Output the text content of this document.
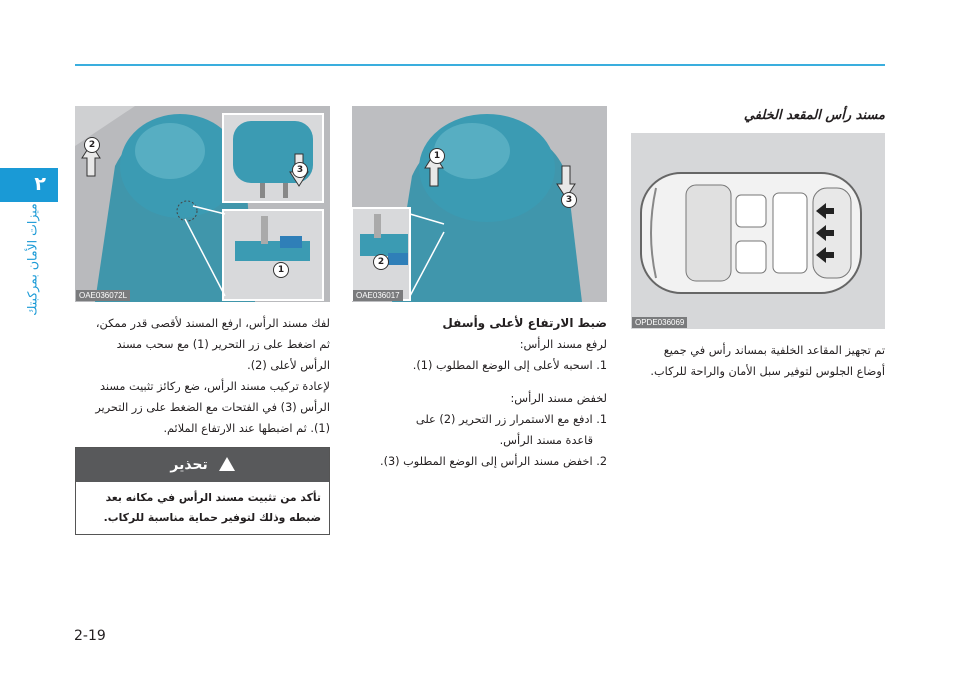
٢
ميزات الأمان بمركبتك
مسند رأس المقعد الخلفي
2
3
1
OAE036072L
1
3
2
OAE036017
OPDE036069
تم تجهيز المقاعد الخلفية بمساند رأس في جميع
أوضاع الجلوس لتوفير سبل الأمان والراحة للركاب.
ضبط الارتفاع لأعلى وأسفل
لرفع مسند الرأس:
1. اسحبه لأعلى إلى الوضع المطلوب (1).
لخفض مسند الرأس:
1. ادفع مع الاستمرار زر التحرير (2) على
قاعدة مسند الرأس.
2. اخفض مسند الرأس إلى الوضع المطلوب (3).
لفك مسند الرأس، ارفع المسند لأقصى قدر ممكن،
ثم اضغط على زر التحرير (1) مع سحب مسند
الرأس لأعلى (2).
لإعادة تركيب مسند الرأس، ضع ركائز تثبيت مسند
الرأس (3) في الفتحات مع الضغط على زر التحرير
(1). ثم اضبطها عند الارتفاع الملائم.
! تحذير
تأكد من تثبيت مسند الرأس في مكانه بعد
ضبطه وذلك لتوفير حماية مناسبة للركاب.
2-19
